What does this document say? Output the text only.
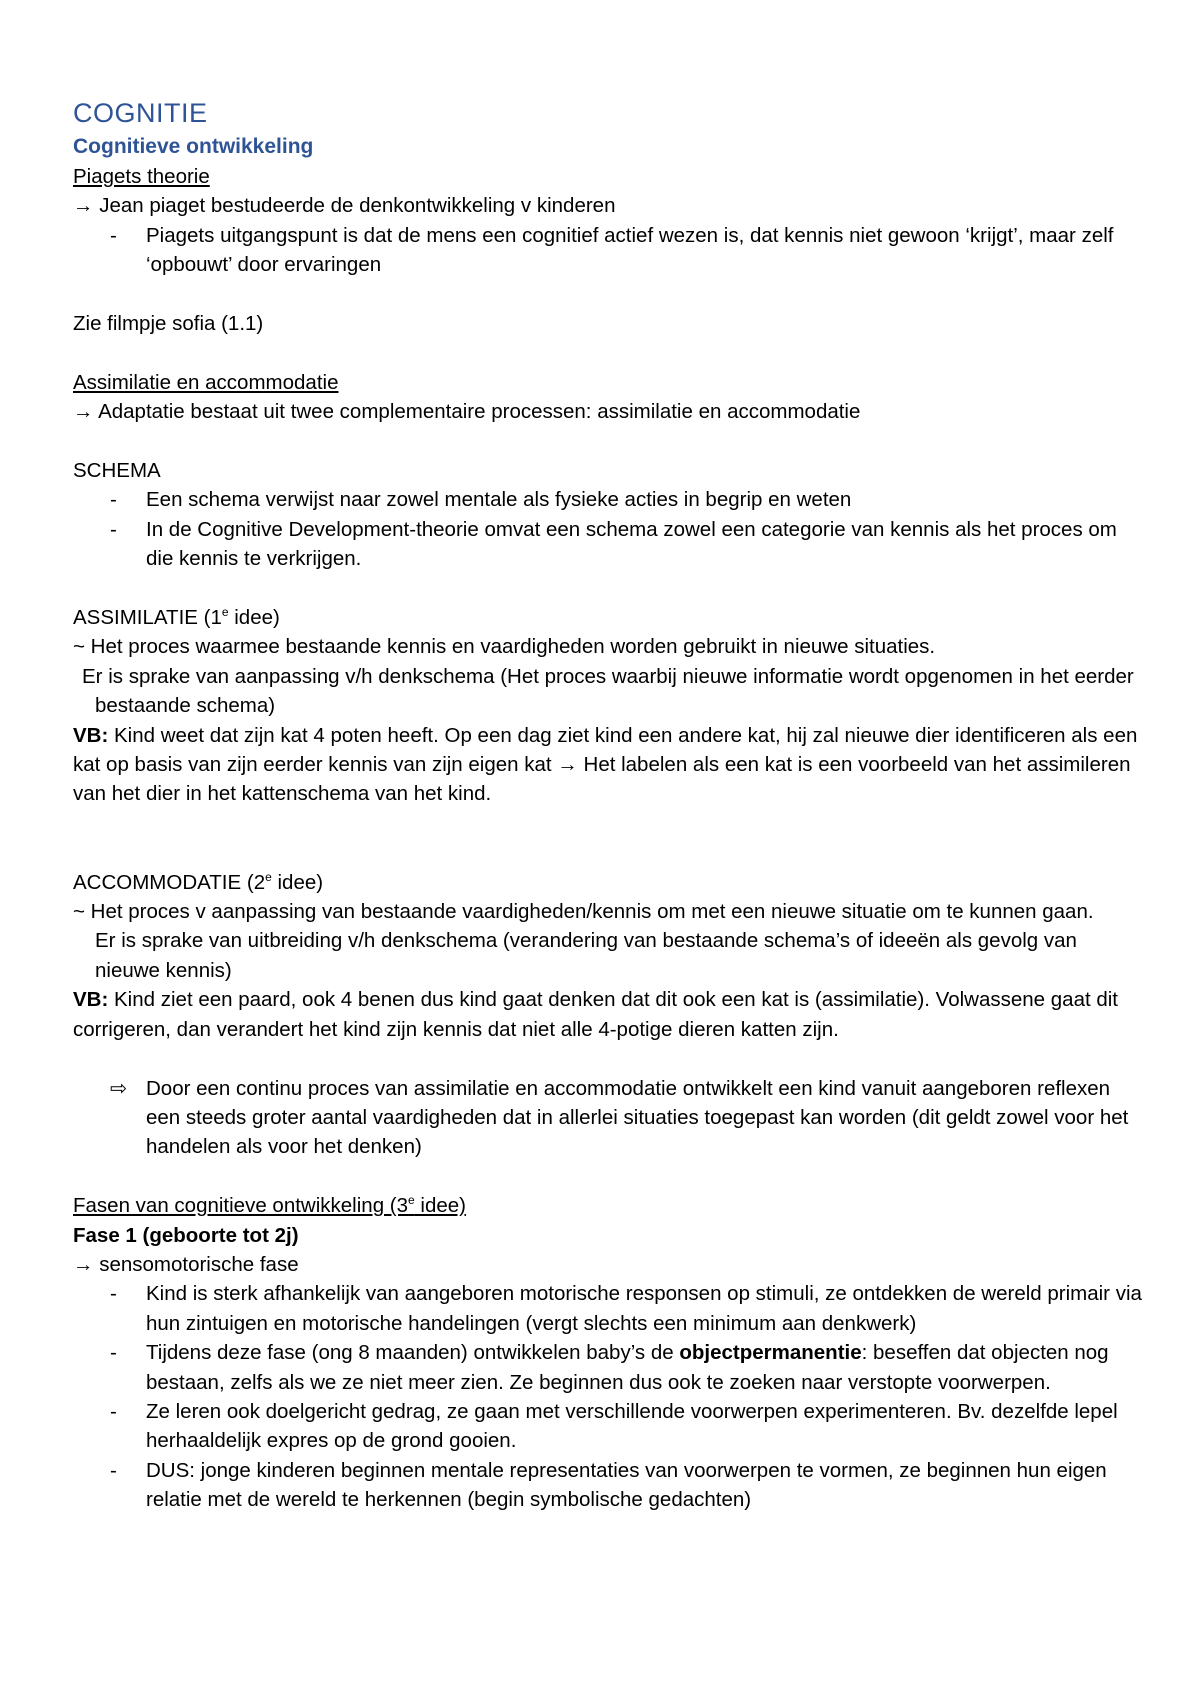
COGNITIE
Cognitieve ontwikkeling
Piagets theorie
→ Jean piaget bestudeerde de denkontwikkeling v kinderen
- Piagets uitgangspunt is dat de mens een cognitief actief wezen is, dat kennis niet gewoon ‘krijgt’, maar zelf ‘opbouwt’ door ervaringen
Zie filmpje sofia (1.1)
Assimilatie en accommodatie
→ Adaptatie bestaat uit twee complementaire processen: assimilatie en accommodatie
SCHEMA
- Een schema verwijst naar zowel mentale als fysieke acties in begrip en weten
- In de Cognitive Development-theorie omvat een schema zowel een categorie van kennis als het proces om die kennis te verkrijgen.
ASSIMILATIE (1e idee)
~ Het proces waarmee bestaande kennis en vaardigheden worden gebruikt in nieuwe situaties.
Er is sprake van aanpassing v/h denkschema (Het proces waarbij nieuwe informatie wordt opgenomen in het eerder bestaande schema)
VB: Kind weet dat zijn kat 4 poten heeft. Op een dag ziet kind een andere kat, hij zal nieuwe dier identificeren als een kat op basis van zijn eerder kennis van zijn eigen kat → Het labelen als een kat is een voorbeeld van het assimileren van het dier in het kattenschema van het kind.
ACCOMMODATIE (2e idee)
~ Het proces v aanpassing van bestaande vaardigheden/kennis om met een nieuwe situatie om te kunnen gaan.
Er is sprake van uitbreiding v/h denkschema (verandering van bestaande schema’s of ideeën als gevolg van nieuwe kennis)
VB: Kind ziet een paard, ook 4 benen dus kind gaat denken dat dit ook een kat is (assimilatie). Volwassene gaat dit corrigeren, dan verandert het kind zijn kennis dat niet alle 4-potige dieren katten zijn.
⇨ Door een continu proces van assimilatie en accommodatie ontwikkelt een kind vanuit aangeboren reflexen een steeds groter aantal vaardigheden dat in allerlei situaties toegepast kan worden (dit geldt zowel voor het handelen als voor het denken)
Fasen van cognitieve ontwikkeling (3e idee)
Fase 1 (geboorte tot 2j)
→ sensomotorische fase
- Kind is sterk afhankelijk van aangeboren motorische responsen op stimuli, ze ontdekken de wereld primair via hun zintuigen en motorische handelingen (vergt slechts een minimum aan denkwerk)
- Tijdens deze fase (ong 8 maanden) ontwikkelen baby’s de objectpermanentie: beseffen dat objecten nog bestaan, zelfs als we ze niet meer zien. Ze beginnen dus ook te zoeken naar verstopte voorwerpen.
- Ze leren ook doelgericht gedrag, ze gaan met verschillende voorwerpen experimenteren. Bv. dezelfde lepel herhaaldelijk expres op de grond gooien.
- DUS: jonge kinderen beginnen mentale representaties van voorwerpen te vormen, ze beginnen hun eigen relatie met de wereld te herkennen (begin symbolische gedachten)
